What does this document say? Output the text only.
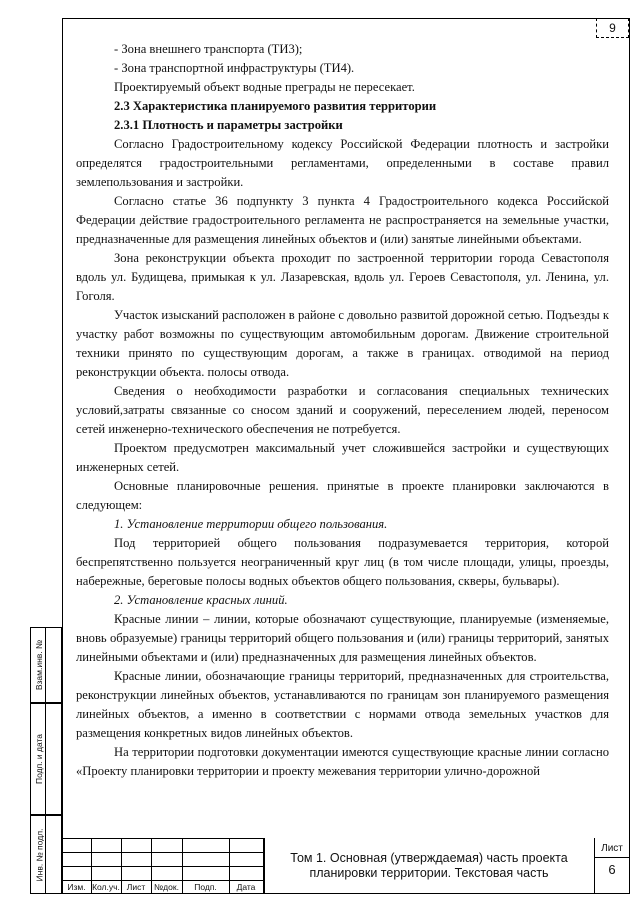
9

- Зона внешнего транспорта (ТИ3);

- Зона транспортной инфраструктуры (ТИ4).

Проектируемый объект водные преграды не пересекает.

2.3 Характеристика планируемого развития территории

2.3.1 Плотность и параметры застройки

Согласно Градостроительному кодексу Российской Федерации плотность и застройки определятся градостроительными регламентами, определенными в составе правил землепользования и застройки.

Согласно статье 36 подпункту 3 пункта 4 Градостроительного кодекса Российской Федерации действие градостроительного регламента не распространяется на земельные участки, предназначенные для размещения линейных объектов и (или) занятые линейными объектами.

Зона реконструкции объекта проходит по застроенной территории города Севастополя вдоль ул. Будищева, примыкая к ул. Лазаревская, вдоль ул. Героев Севастополя, ул. Ленина, ул. Гоголя.

Участок изысканий расположен в районе с довольно развитой дорожной сетью. Подъезды к участку работ возможны по существующим автомобильным дорогам. Движение строительной техники принято по существующим дорогам, а также в границах. отводимой на период реконструкции объекта. полосы отвода.

Сведения о необходимости разработки и согласования специальных технических условий,затраты связанные со сносом зданий и сооружений, переселением людей, переносом сетей инженерно-технического обеспечения не потребуется.

Проектом предусмотрен максимальный учет сложившейся застройки и существующих инженерных сетей.

Основные планировочные решения. принятые в проекте планировки заключаются в следующем:

1. Установление территории общего пользования.

Под территорией общего пользования подразумевается территория, которой беспрепятственно пользуется неограниченный круг лиц (в том числе площади, улицы, проезды, набережные, береговые полосы водных объектов общего пользования, скверы, бульвары).

2. Установление красных линий.

Красные линии – линии, которые обозначают существующие, планируемые (изменяемые, вновь образуемые) границы территорий общего пользования и (или) границы территорий, занятых линейными объектами и (или) предназначенных для размещения линейных объектов.

Красные линии, обозначающие границы территорий, предназначенных для строительства, реконструкции линейных объектов, устанавливаются по границам зон планируемого размещения линейных объектов, а именно в соответствии с нормами отвода земельных участков для размещения конкретных видов линейных объектов.

На территории подготовки документации имеются существующие красные линии согласно «Проекту планировки территории и проекту межевания территории улично-дорожной

Взам.инв. №
Подп. и дата
Инв. № подл.
Изм. Кол.уч. Лист	№док.	Подп.	Дата
Том 1. Основная (утверждаемая) часть проекта
планировки территории. Текстовая часть
Лист
6
